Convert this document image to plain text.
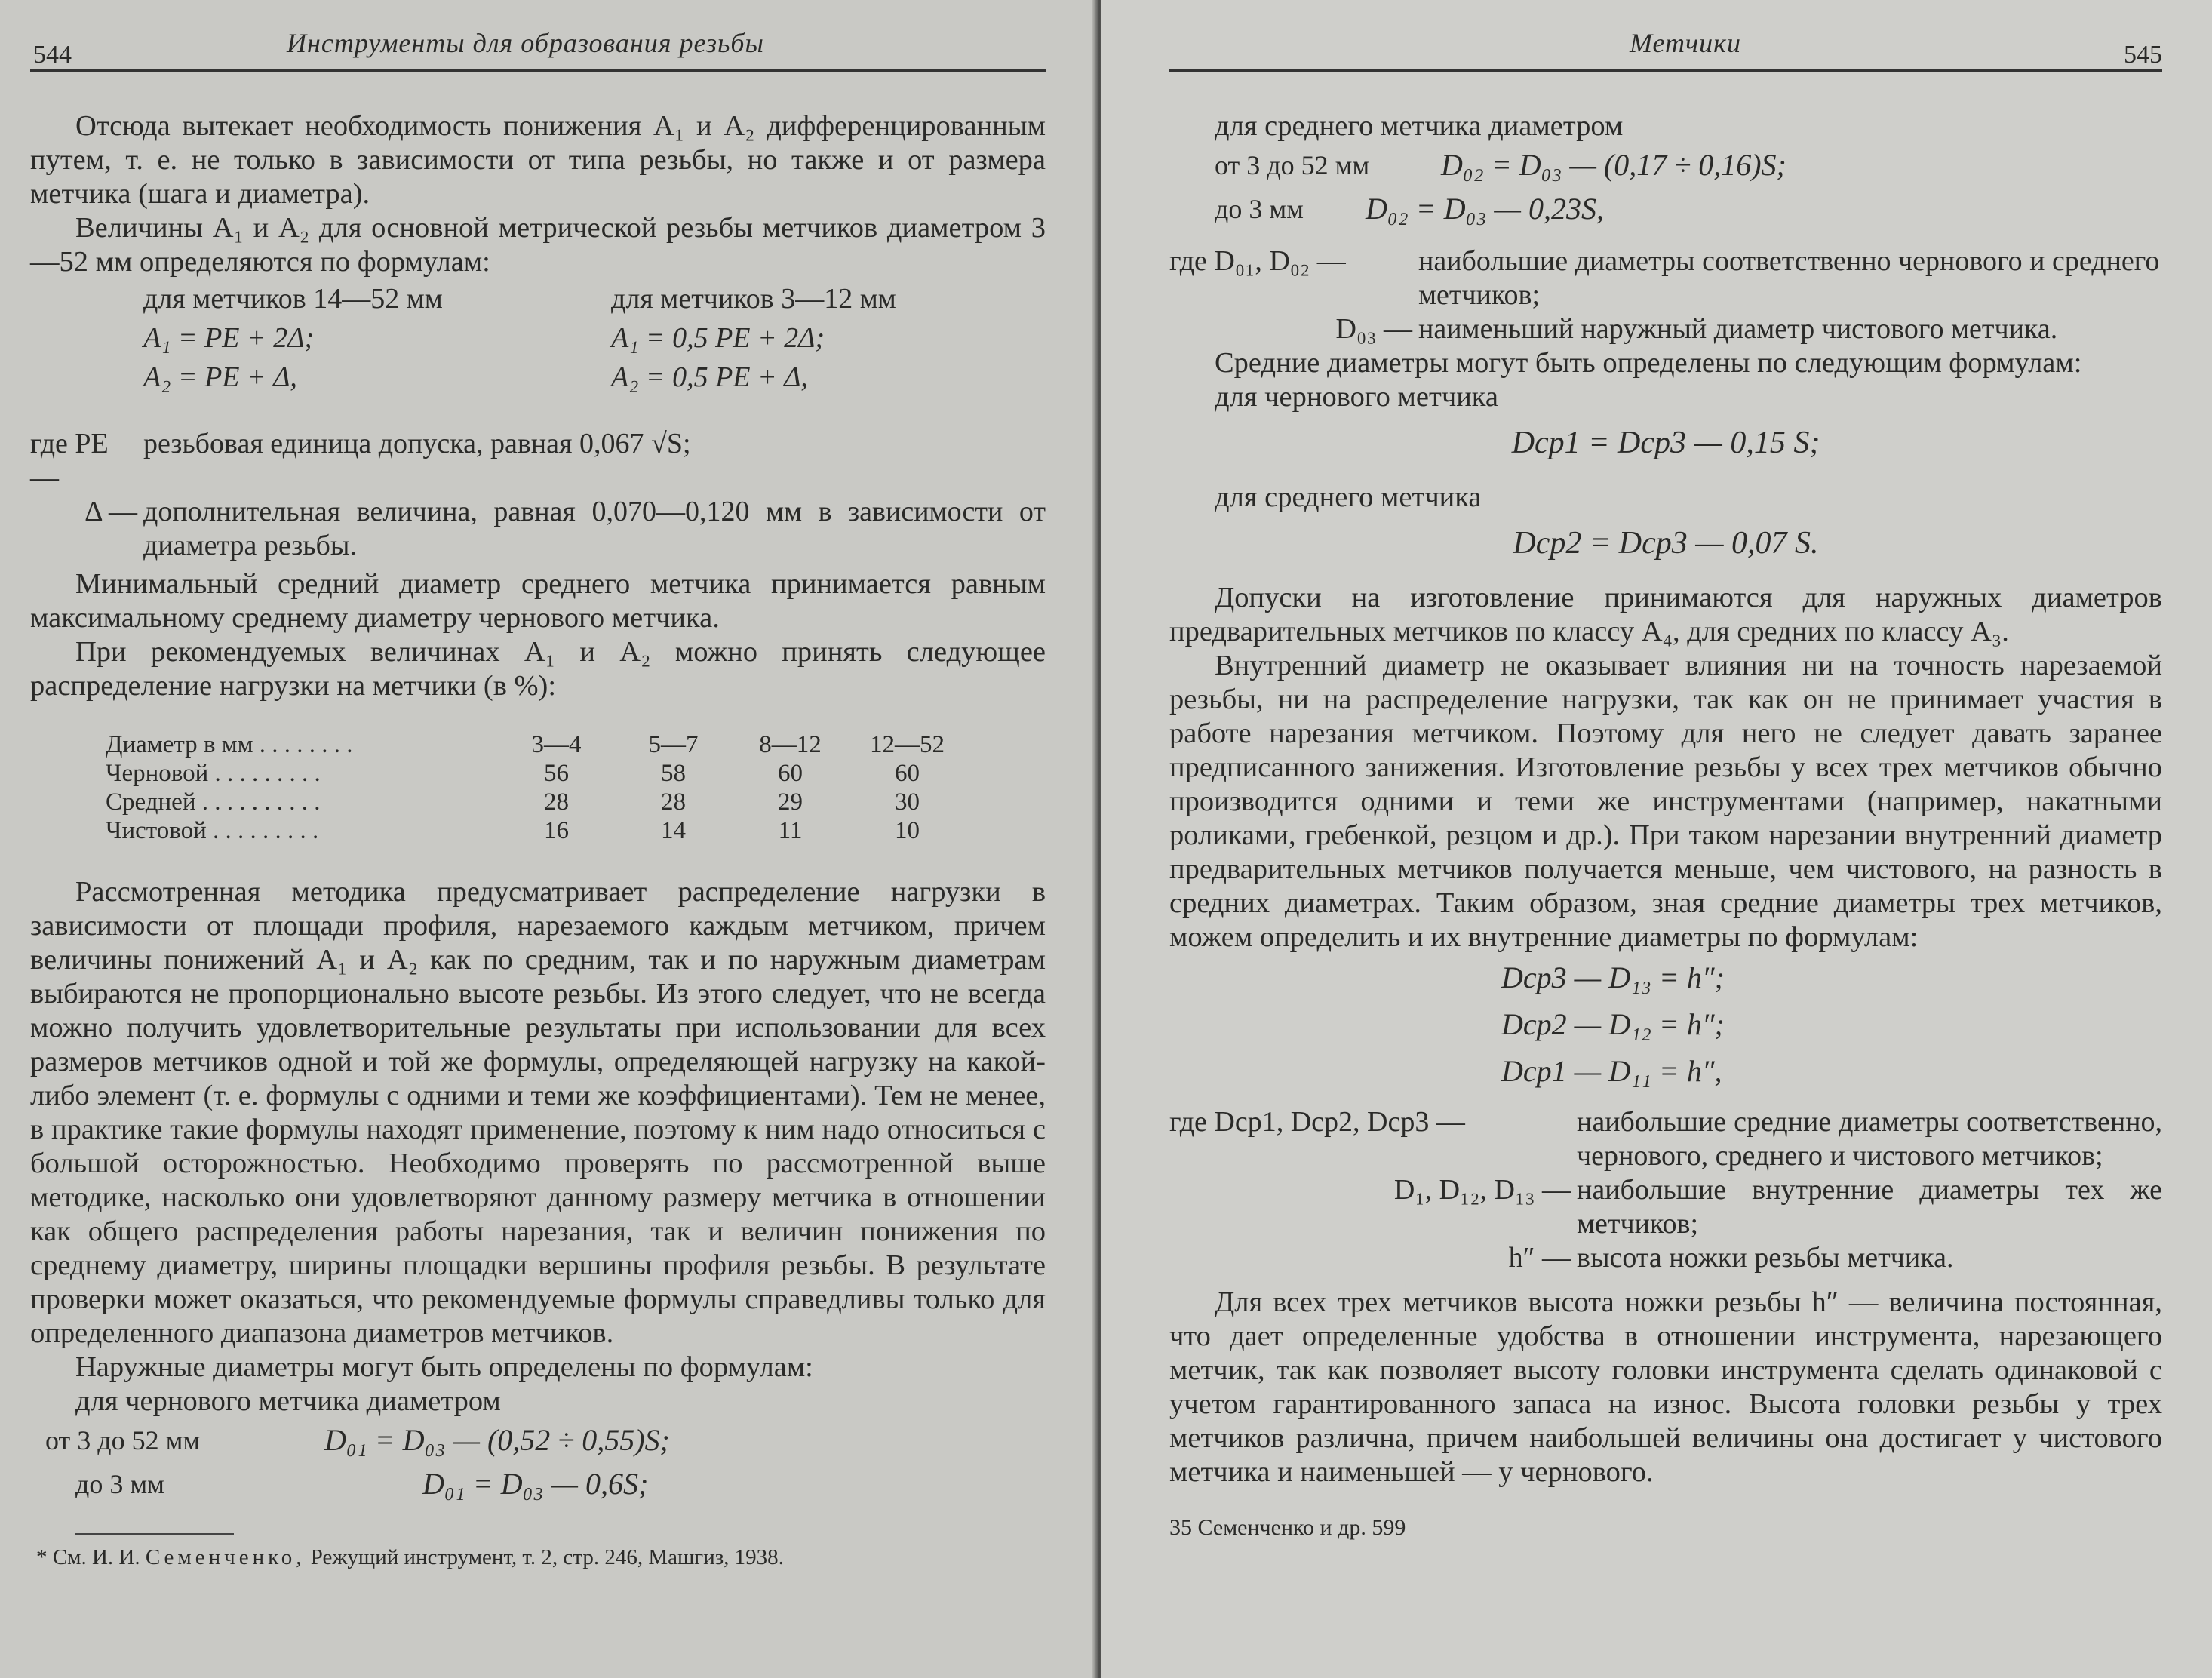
544	Инструменты для образования резьбы

Отсюда вытекает необходимость понижения A₁ и A₂ дифференцированным путем, т. е. не только в зависимости от типа резьбы, но также и от размера метчика (шага и диаметра).

Величины A₁ и A₂ для основной метрической резьбы метчиков диаметром 3—52 мм определяются по формулам:

для метчиков 14—52 мм	для метчиков 3—12 мм
A₁ = PE + 2Δ;	A₁ = 0,5 PE + 2Δ;
A₂ = PE + Δ,	A₂ = 0,5 PE + Δ,
где PE —
резьбовая единица допуска, равная 0,067 √S;
Δ — дополнительная величина, равная 0,070—0,120 мм в зависимости от диаметра резьбы.

Минимальный средний диаметр среднего метчика принимается равным максимальному среднему диаметру чернового метчика.

При рекомендуемых величинах A₁ и A₂ можно принять следующее распределение нагрузки на метчики (в %):

Диаметр в мм . . . . . . . .	3—4	5—7	8—12	12—52
Черновой . . . . . . . . .	56	58	60	60
Средней . . . . . . . . . .	28	28	29	30
Чистовой . . . . . . . . .	16	14	11	10

Рассмотренная методика предусматривает распределение нагрузки в зависимости от площади профиля, нарезаемого каждым метчиком, причем величины понижений A₁ и A₂ как по средним, так и по наружным диаметрам выбираются не пропорционально высоте резьбы. Из этого следует, что не всегда можно получить удовлетворительные результаты при использовании для всех размеров метчиков одной и той же формулы, определяющей нагрузку на какой-либо элемент (т. е. формулы с одними и теми же коэффициентами). Тем не менее, в практике такие формулы находят применение, поэтому к ним надо относиться с большой осторожностью. Необходимо проверять по рассмотренной выше методике, насколько они удовлетворяют данному размеру метчика в отношении как общего распределения работы нарезания, так и величин понижения по среднему диаметру, ширины площадки вершины профиля резьбы. В результате проверки может оказаться, что рекомендуемые формулы справедливы только для определенного диапазона диаметров метчиков.

Наружные диаметры могут быть определены по формулам:

для чернового метчика диаметром

от 3 до 52 мм	D₀₁ = D₀₃ — (0,52 ÷ 0,55)S;
до 3 мм	D₀₁ = D₀₃ — 0,6S;
* См. И. И. Семенченко, Режущий инструмент, т. 2, стр. 246, Машгиз, 1938.
Метчики	545

для среднего метчика диаметром

от 3 до 52 мм	D₀₂ = D₀₃ — (0,17 ÷ 0,16)S;
до 3 мм	D₀₂ = D₀₃ — 0,23S,
где D₀₁, D₀₂ —	наибольшие диаметры соответственно чернового и среднего метчиков;
D₀₃ — наименьший наружный диаметр чистового метчика.

Средние диаметры могут быть определены по следующим формулам:

для чернового метчика

Dср1 = Dср3 — 0,15 S;

для среднего метчика

Dср2 = Dср3 — 0,07 S.

Допуски на изготовление принимаются для наружных диаметров предварительных метчиков по классу A₄, для средних по классу A₃.

Внутренний диаметр не оказывает влияния ни на точность нарезаемой резьбы, ни на распределение нагрузки, так как он не принимает участия в работе нарезания метчиком. Поэтому для него не следует давать заранее предписанного занижения. Изготовление резьбы у всех трех метчиков обычно производится одними и теми же инструментами (например, накатными роликами, гребенкой, резцом и др.). При таком нарезании внутренний диаметр предварительных метчиков получается меньше, чем чистового, на разность в средних диаметрах. Таким образом, зная средние диаметры трех метчиков, можем определить и их внутренние диаметры по формулам:

Dср3 — D₁₃ = h″;
Dср2 — D₁₂ = h″;
Dср1 — D₁₁ = h″,
где Dср1, Dср2, Dср3 —	наибольшие средние диаметры соответственно, чернового, среднего и чистового метчиков;
D₁, D₁₂, D₁₃ — наибольшие внутренние диаметры тех же метчиков;
h″ — высота ножки резьбы метчика.

Для всех трех метчиков высота ножки резьбы h″ — величина постоянная, что дает определенные удобства в отношении инструмента, нарезающего метчик, так как позволяет высоту головки инструмента сделать одинаковой с учетом гарантированного запаса на износ. Высота головки резьбы у трех метчиков различна, причем наибольшей величины она достигает у чистового метчика и наименьшей — у чернового.

35 Семенченко и др. 599
